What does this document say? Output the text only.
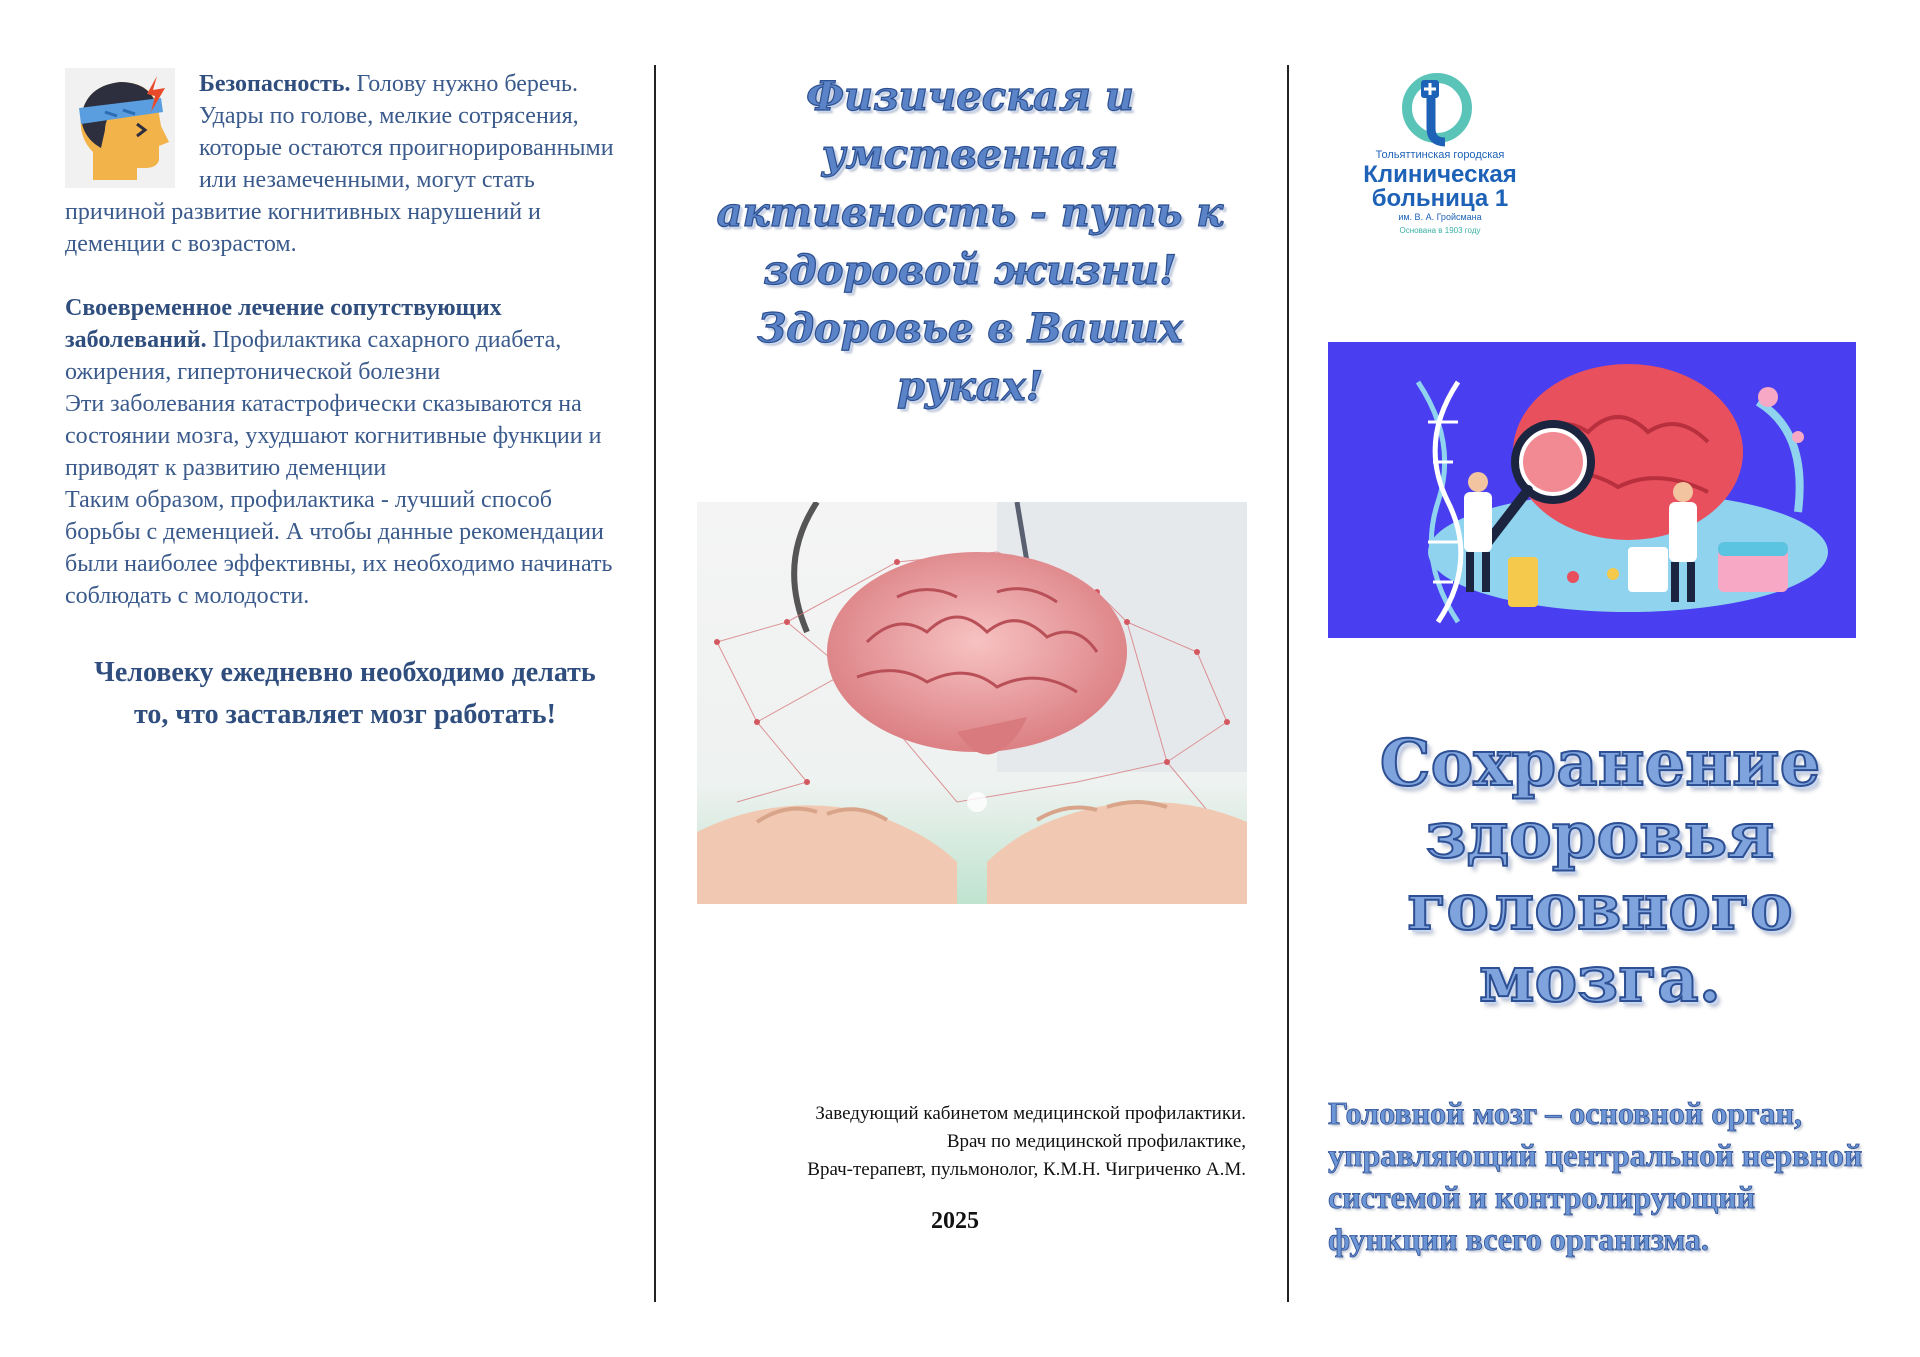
Безопасность. Голову нужно беречь. Удары по голове, мелкие сотрясения, которые остаются проигнорированными или незамеченными, могут стать причиной развитие когнитивных нарушений и деменции с возрастом.

Своевременное лечение сопутствующих заболеваний. Профилактика сахарного диабета, ожирения, гипертонической болезни

Эти заболевания катастрофически сказываются на состоянии мозга, ухудшают когнитивные функции и приводят к развитию деменции

Таким образом, профилактика - лучший способ борьбы с деменцией. А чтобы данные рекомендации были наиболее эффективны, их необходимо начинать соблюдать с молодости.

Человеку ежедневно необходимо делать то, что заставляет мозг работать!
Физическая и
умственная
активность - путь к
здоровой жизни!
Здоровье в Ваших
руках!
Заведующий кабинетом медицинской профилактики.
Врач по медицинской профилактике,
Врач-терапевт, пульмонолог, К.М.Н. Чигриченко А.М.
2025
Тольяттинская городская
Клиническая
больница 1
им. В. А. Гройсмана
Основана в 1903 году
Сохранение
здоровья
головного
мозга.
Головной мозг – основной орган, управляющий центральной нервной системой и контролирующий функции всего организма.
